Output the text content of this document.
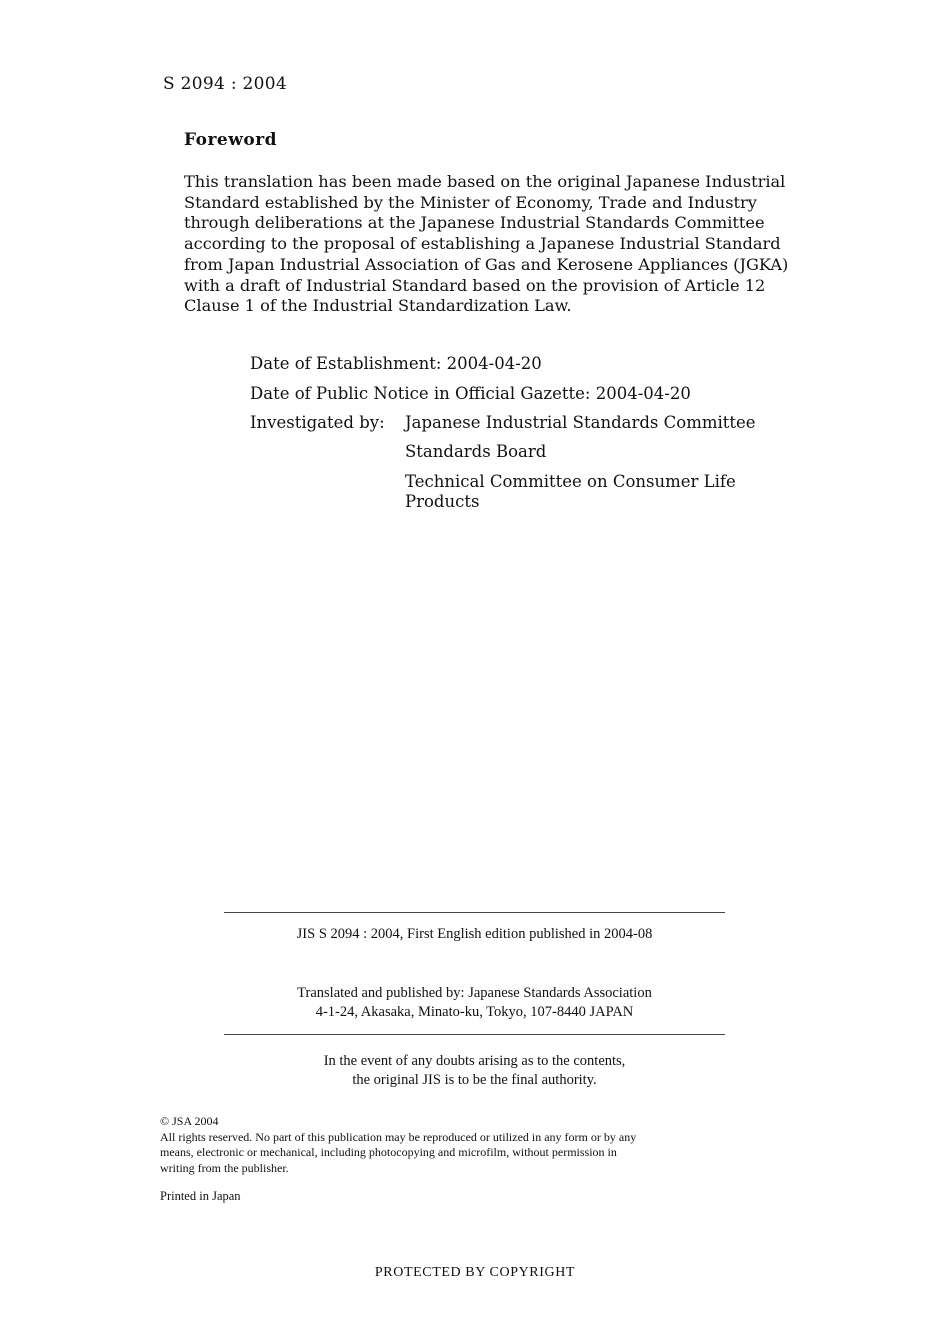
S 2094 : 2004
Foreword

This translation has been made based on the original Japanese Industrial
Standard established by the Minister of Economy, Trade and Industry
through deliberations at the Japanese Industrial Standards Committee
according to the proposal of establishing a Japanese Industrial Standard
from Japan Industrial Association of Gas and Kerosene Appliances (JGKA)
with a draft of Industrial Standard based on the provision of Article 12
Clause 1 of the Industrial Standardization Law.

Date of Establishment: 2004-04-20
Date of Public Notice in Official Gazette: 2004-04-20
Investigated by: Japanese Industrial Standards Committee
Standards Board
Technical Committee on Consumer Life
Products
JIS S 2094 : 2004, First English edition published in 2004-08
Translated and published by: Japanese Standards Association
4-1-24, Akasaka, Minato-ku, Tokyo, 107-8440 JAPAN
In the event of any doubts arising as to the contents,
the original JIS is to be the final authority.
© JSA 2004
All rights reserved. No part of this publication may be reproduced or utilized in any form or by any
means, electronic or mechanical, including photocopying and microfilm, without permission in
writing from the publisher.
Printed in Japan
PROTECTED BY COPYRIGHT
